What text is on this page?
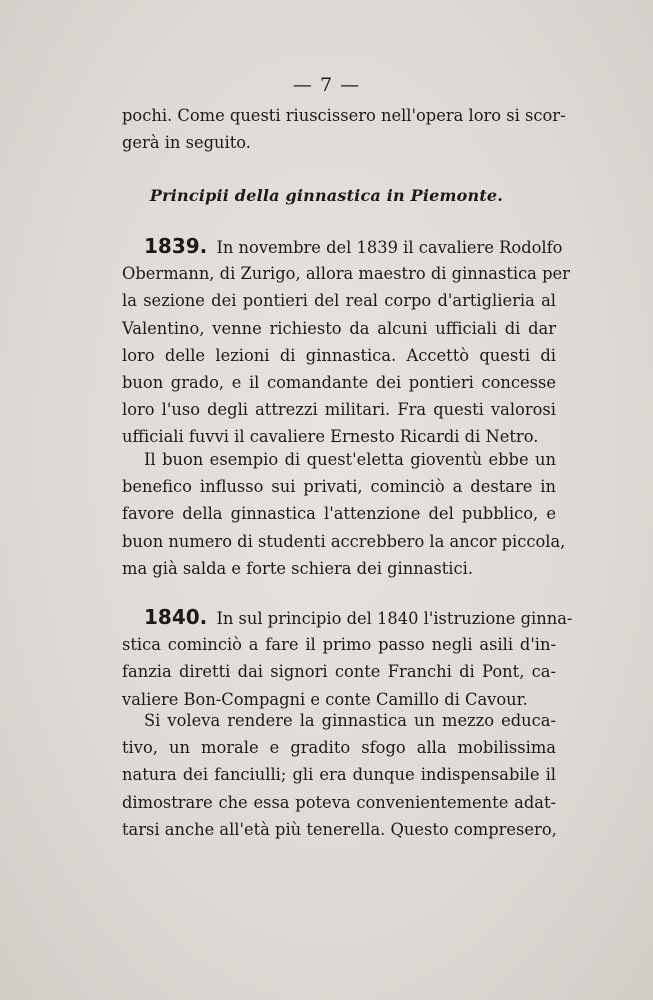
— 7 —
pochi. Come questi riuscissero nell'opera loro si scor-
gerà in seguito.
Principii della ginnastica in Piemonte.
1839. In novembre del 1839 il cavaliere Rodolfo
Obermann, di Zurigo, allora maestro di ginnastica per
la sezione dei pontieri del real corpo d'artiglieria al
Valentino, venne richiesto da alcuni ufficiali di dar
loro delle lezioni di ginnastica. Accettò questi di
buon grado, e il comandante dei pontieri concesse
loro l'uso degli attrezzi militari. Fra questi valorosi
ufficiali fuvvi il cavaliere Ernesto Ricardi di Netro.
Il buon esempio di quest'eletta gioventù ebbe un
benefico influsso sui privati, cominciò a destare in
favore della ginnastica l'attenzione del pubblico, e
buon numero di studenti accrebbero la ancor piccola,
ma già salda e forte schiera dei ginnastici.
1840. In sul principio del 1840 l'istruzione ginna-
stica cominciò a fare il primo passo negli asili d'in-
fanzia diretti dai signori conte Franchi di Pont, ca-
valiere Bon-Compagni e conte Camillo di Cavour.
Si voleva rendere la ginnastica un mezzo educa-
tivo, un morale e gradito sfogo alla mobilissima
natura dei fanciulli; gli era dunque indispensabile il
dimostrare che essa poteva convenientemente adat-
tarsi anche all'età più tenerella. Questo compresero,
